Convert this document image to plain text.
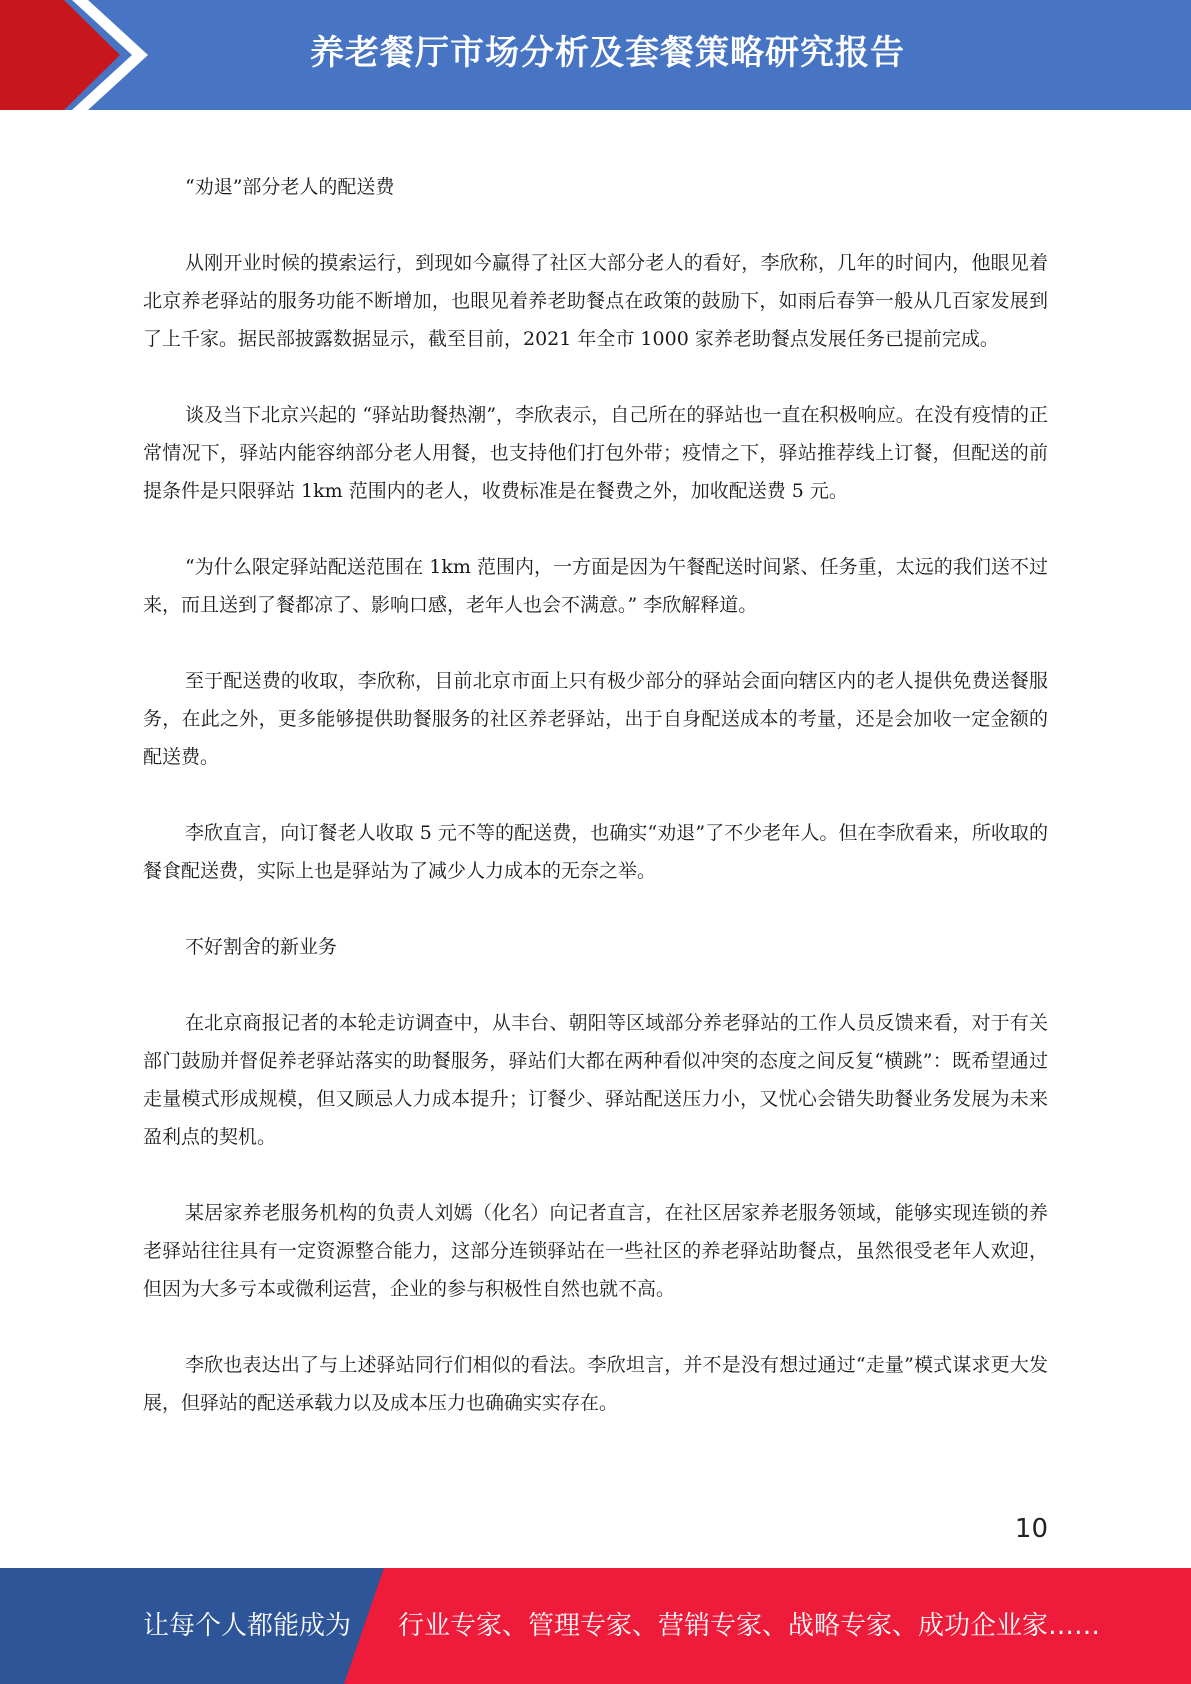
养老餐厅市场分析及套餐策略研究报告

“劝退”部分老人的配送费

从刚开业时候的摸索运行，到现如今赢得了社区大部分老人的看好，李欣称，几年的时间内，他眼见着北京养老驿站的服务功能不断增加，也眼见着养老助餐点在政策的鼓励下，如雨后春笋一般从几百家发展到了上千家。据民部披露数据显示，截至目前，2021 年全市 1000 家养老助餐点发展任务已提前完成。

谈及当下北京兴起的 “驿站助餐热潮”，李欣表示，自己所在的驿站也一直在积极响应。在没有疫情的正常情况下，驿站内能容纳部分老人用餐，也支持他们打包外带；疫情之下，驿站推荐线上订餐，但配送的前提条件是只限驿站 1km 范围内的老人，收费标准是在餐费之外，加收配送费 5 元。

“为什么限定驿站配送范围在 1km 范围内，一方面是因为午餐配送时间紧、任务重，太远的我们送不过来，而且送到了餐都凉了、影响口感，老年人也会不满意。” 李欣解释道。

至于配送费的收取，李欣称，目前北京市面上只有极少部分的驿站会面向辖区内的老人提供免费送餐服务，在此之外，更多能够提供助餐服务的社区养老驿站，出于自身配送成本的考量，还是会加收一定金额的配送费。

李欣直言，向订餐老人收取 5 元不等的配送费，也确实“劝退”了不少老年人。但在李欣看来，所收取的餐食配送费，实际上也是驿站为了减少人力成本的无奈之举。

不好割舍的新业务

在北京商报记者的本轮走访调查中，从丰台、朝阳等区域部分养老驿站的工作人员反馈来看，对于有关部门鼓励并督促养老驿站落实的助餐服务，驿站们大都在两种看似冲突的态度之间反复“横跳”：既希望通过走量模式形成规模，但又顾忌人力成本提升；订餐少、驿站配送压力小，又忧心会错失助餐业务发展为未来盈利点的契机。

某居家养老服务机构的负责人刘嫣（化名）向记者直言，在社区居家养老服务领域，能够实现连锁的养老驿站往往具有一定资源整合能力，这部分连锁驿站在一些社区的养老驿站助餐点，虽然很受老年人欢迎，但因为大多亏本或微利运营，企业的参与积极性自然也就不高。

李欣也表达出了与上述驿站同行们相似的看法。李欣坦言，并不是没有想过通过“走量”模式谋求更大发展，但驿站的配送承载力以及成本压力也确确实实存在。

10
让每个人都能成为 行业专家、管理专家、营销专家、战略专家、成功企业家……
